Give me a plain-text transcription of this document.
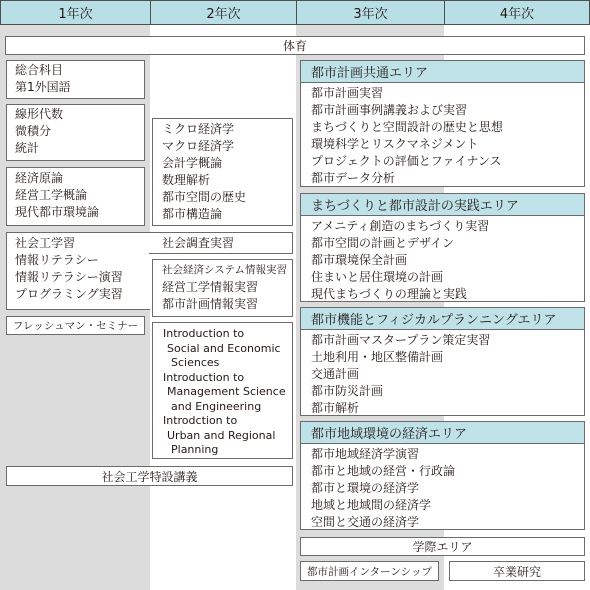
1年次	2年次	3年次	4年次
体育
総合科目
第1外国語
線形代数
微積分
統計
経済原論
経営工学概論
現代都市環境論
社会工学習
情報リテラシー
情報リテラシー演習
プログラミング実習
フレッシュマン・セミナー
ミクロ経済学
マクロ経済学
会計学概論
数理解析
都市空間の歴史
都市構造論
社会調査実習
社会経済システム情報実習
経営工学情報実習
都市計画情報実習
Introduction to
Social and Economic
Sciences
Introduction to
Management Science
and Engineering
Introdction to
Urban and Regional
Planning
社会工学特設講義
都市計画共通エリア
都市計画実習
都市計画事例講義および実習
まちづくりと空間設計の歴史と思想
環境科学とリスクマネジメント
プロジェクトの評価とファイナンス
都市データ分析
まちづくりと都市設計の実践エリア
アメニティ創造のまちづくり実習
都市空間の計画とデザイン
都市環境保全計画
住まいと居住環境の計画
現代まちづくりの理論と実践
都市機能とフィジカルプランニングエリア
都市計画マスタープラン策定実習
土地利用・地区整備計画
交通計画
都市防災計画
都市解析
都市地域環境の経済エリア
都市地域経済学演習
都市と地域の経営・行政論
都市と環境の経済学
地域と地域間の経済学
空間と交通の経済学
学際エリア
都市計画インターンシップ	卒業研究
